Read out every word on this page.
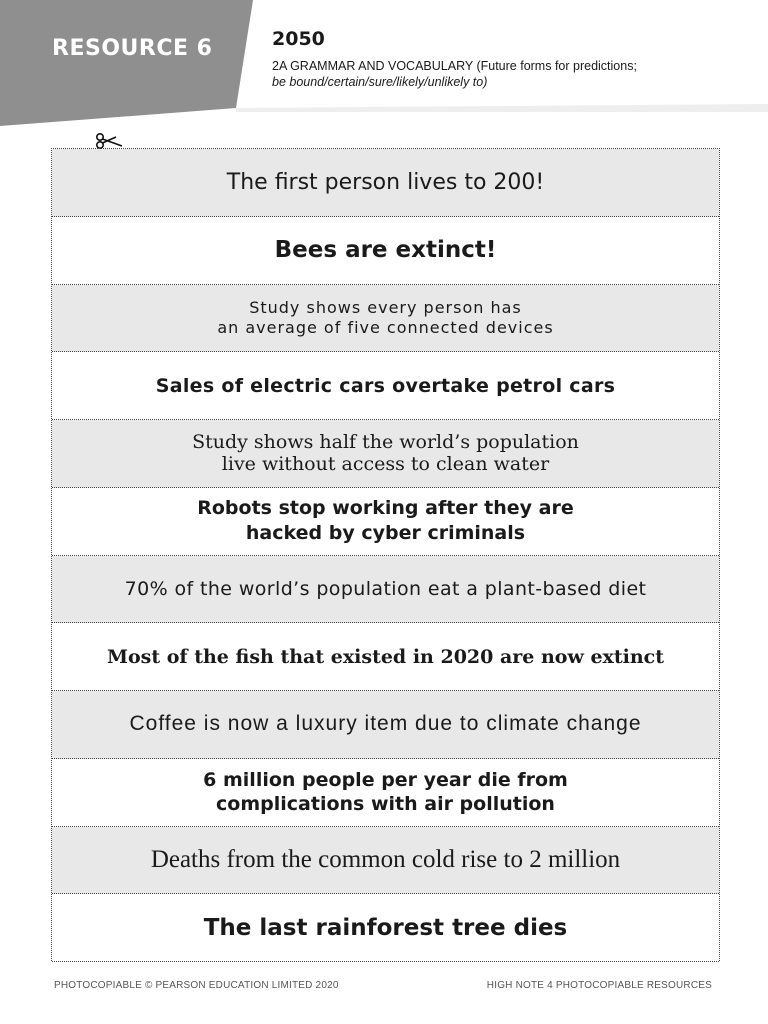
RESOURCE 6	2050
2A GRAMMAR AND VOCABULARY (Future forms for predictions;
be bound/certain/sure/likely/unlikely to)
The first person lives to 200!
Bees are extinct!
Study shows every person has
an average of five connected devices
Sales of electric cars overtake petrol cars
Study shows half the world’s population
live without access to clean water
Robots stop working after they are
hacked by cyber criminals
70% of the world’s population eat a plant-based diet
Most of the fish that existed in 2020 are now extinct
Coffee is now a luxury item due to climate change
6 million people per year die from
complications with air pollution
Deaths from the common cold rise to 2 million
The last rainforest tree dies
PHOTOCOPIABLE © PEARSON EDUCATION LIMITED 2020	HIGH NOTE 4 PHOTOCOPIABLE RESOURCES
